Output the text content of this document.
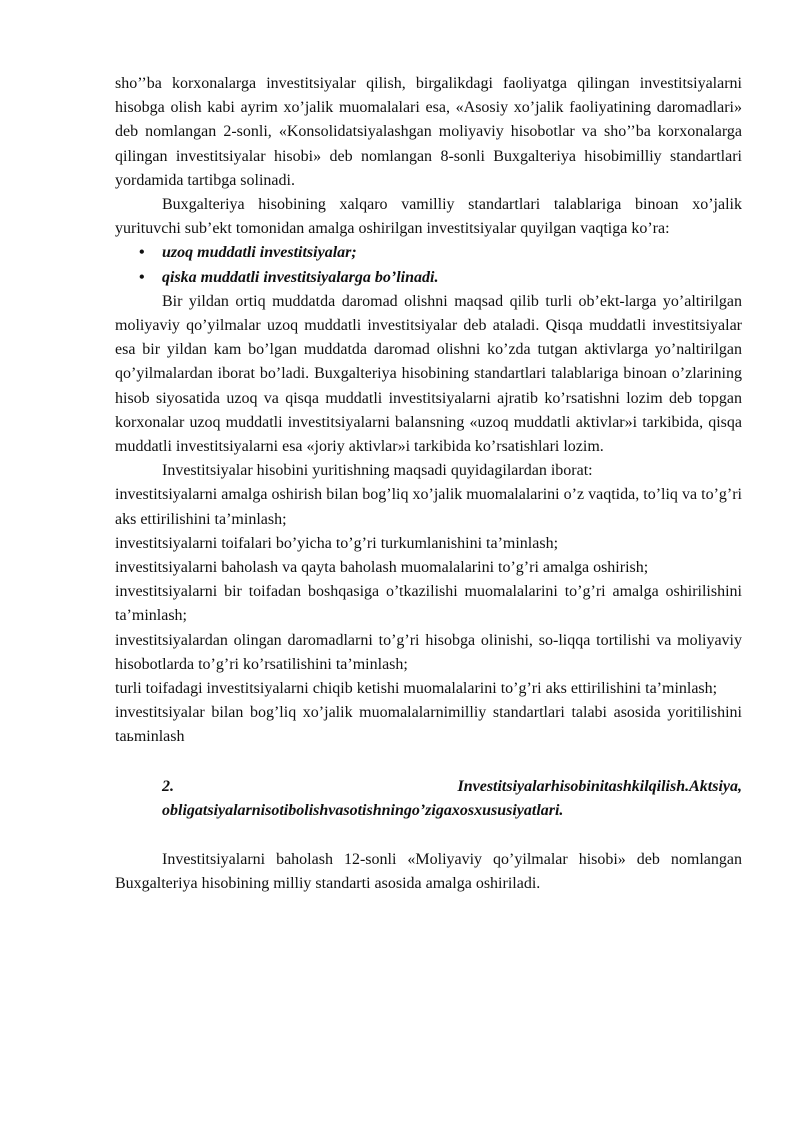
sho’’ba korxonalarga investitsiyalar qilish, birgalikdagi faoliyatga qilingan investitsiyalarni hisobga olish kabi ayrim xo’jalik muomalalari esa, «Asosiy xo’jalik faoliyatining daromadlari» deb nomlangan 2-sonli, «Konsolidatsiyalashgan moliyaviy hisobotlar va sho’’ba korxonalarga qilingan investitsiyalar hisobi» deb nomlangan 8-sonli Buxgalteriya hisobimilliy standartlari yordamida tartibga solinadi.

Buxgalteriya hisobining xalqaro vamilliy standartlari talablariga binoan xo’jalik yurituvchi sub’ekt tomonidan amalga oshirilgan investitsiyalar quyilgan vaqtiga ko’ra:

• uzoq muddatli investitsiyalar;
• qiska muddatli investitsiyalarga bo’linadi.

Bir yildan ortiq muddatda daromad olishni maqsad qilib turli ob’ekt-larga yo’altirilgan moliyaviy qo’yilmalar uzoq muddatli investitsiyalar deb ataladi. Qisqa muddatli investitsiyalar esa bir yildan kam bo’lgan muddatda daromad olishni ko’zda tutgan aktivlarga yo’naltirilgan qo’yilmalardan iborat bo’ladi. Buxgalteriya hisobining standartlari talablariga binoan o’zlarining hisob siyosatida uzoq va qisqa muddatli investitsiyalarni ajratib ko’rsatishni lozim deb topgan korxonalar uzoq muddatli investitsiyalarni balansning «uzoq muddatli aktivlar»i tarkibida, qisqa muddatli investitsiyalarni esa «joriy aktivlar»i tarkibida ko’rsatishlari lozim.

Investitsiyalar hisobini yuritishning maqsadi quyidagilardan iborat:

investitsiyalarni amalga oshirish bilan bog’liq xo’jalik muomalalarini o’z vaqtida, to’liq va to’g’ri aks ettirilishini ta’minlash;

investitsiyalarni toifalari bo’yicha to’g’ri turkumlanishini ta’minlash;

investitsiyalarni baholash va qayta baholash muomalalarini to’g’ri amalga oshirish;

investitsiyalarni bir toifadan boshqasiga o’tkazilishi muomalalarini to’g’ri amalga oshirilishini ta’minlash;

investitsiyalardan olingan daromadlarni to’g’ri hisobga olinishi, so-liqqa tortilishi va moliyaviy hisobotlarda to’g’ri ko’rsatilishini ta’minlash;

turli toifadagi investitsiyalarni chiqib ketishi muomalalarini to’g’ri aks ettirilishini ta’minlash;

investitsiyalar bilan bog’liq xo’jalik muomalalarnimilliy standartlari talabi asosida yoritilishini taьminlash

2.	Investitsiyalarhisobinitashkilqilish.Aktsiya,
obligatsiyalarnisotibolishvasotishningo’zigaxosxususiyatlari.

Investitsiyalarni baholash 12-sonli «Moliyaviy qo’yilmalar hisobi» deb nomlangan Buxgalteriya hisobining milliy standarti asosida amalga oshiriladi.
